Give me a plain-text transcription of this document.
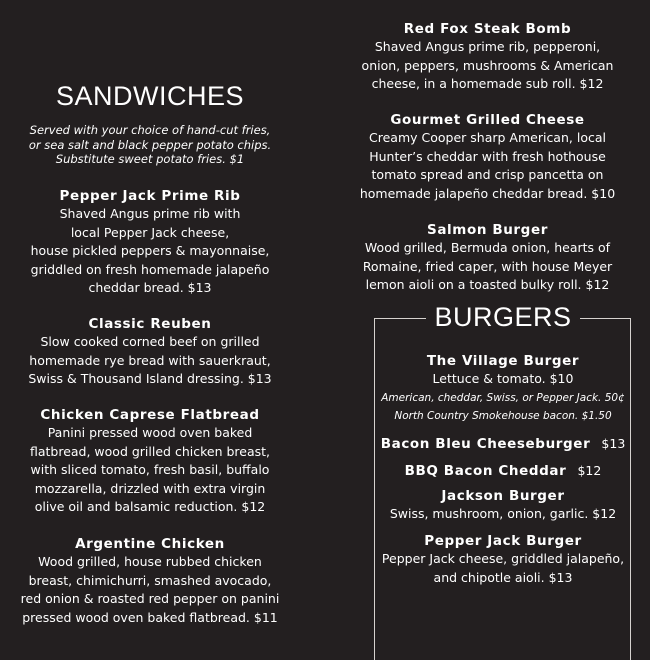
SANDWICHES
Served with your choice of hand-cut fries,
or sea salt and black pepper potato chips.
Substitute sweet potato fries. $1
Pepper Jack Prime Rib
Shaved Angus prime rib with
local Pepper Jack cheese,
house pickled peppers & mayonnaise,
griddled on fresh homemade jalapeño
cheddar bread. $13
Classic Reuben
Slow cooked corned beef on grilled
homemade rye bread with sauerkraut,
Swiss & Thousand Island dressing. $13
Chicken Caprese Flatbread
Panini pressed wood oven baked
flatbread, wood grilled chicken breast,
with sliced tomato, fresh basil, buffalo
mozzarella, drizzled with extra virgin
olive oil and balsamic reduction. $12
Argentine Chicken
Wood grilled, house rubbed chicken
breast, chimichurri, smashed avocado,
red onion & roasted red pepper on panini
pressed wood oven baked flatbread. $11
Red Fox Steak Bomb
Shaved Angus prime rib, pepperoni,
onion, peppers, mushrooms & American
cheese, in a homemade sub roll. $12
Gourmet Grilled Cheese
Creamy Cooper sharp American, local
Hunter’s cheddar with fresh hothouse
tomato spread and crisp pancetta on
homemade jalapeño cheddar bread. $10
Salmon Burger
Wood grilled, Bermuda onion, hearts of
Romaine, fried caper, with house Meyer
lemon aioli on a toasted bulky roll. $12
BURGERS
The Village Burger
Lettuce & tomato. $10
American, cheddar, Swiss, or Pepper Jack. 50¢
North Country Smokehouse bacon. $1.50
Bacon Bleu Cheeseburger $13
BBQ Bacon Cheddar $12
Jackson Burger
Swiss, mushroom, onion, garlic. $12
Pepper Jack Burger
Pepper Jack cheese, griddled jalapeño,
and chipotle aioli. $13
